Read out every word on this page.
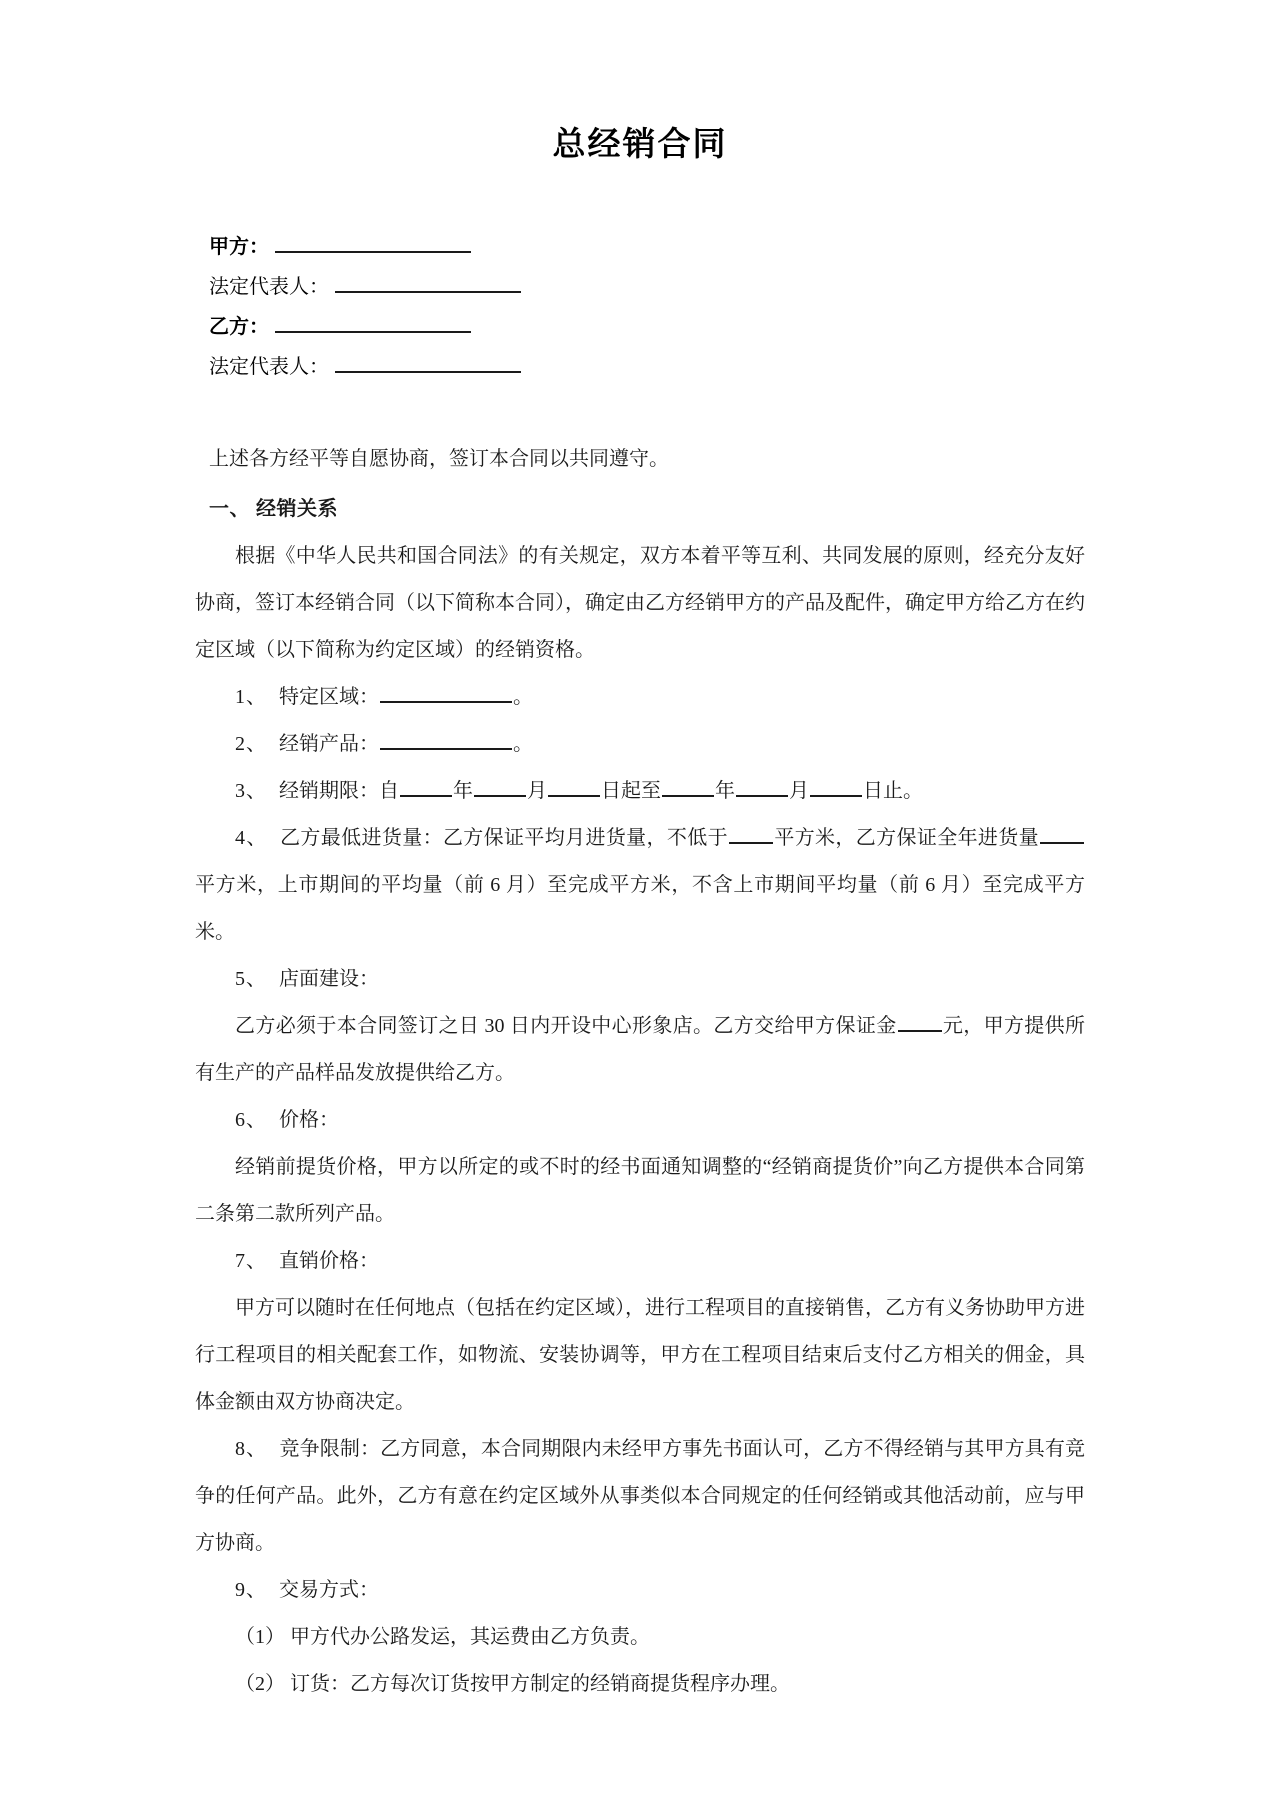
总经销合同
甲方：
法定代表人：
乙方：
法定代表人：

上述各方经平等自愿协商，签订本合同以共同遵守。

一、 经销关系

根据《中华人民共和国合同法》的有关规定，双方本着平等互利、共同发展的原则，经充分友好协商，签订本经销合同（以下简称本合同），确定由乙方经销甲方的产品及配件，确定甲方给乙方在约定区域（以下简称为约定区域）的经销资格。

1、 特定区域：	。

2、 经销产品：	。

3、 经销期限：自	年	月	日起至	年	月	日止。

4、 乙方最低进货量：乙方保证平均月进货量，不低于 平方米，乙方保证全年进货量平方米，上市期间的平均量（前 6 月）至完成平方米，不含上市期间平均量（前 6 月）至完成平方米。

5、 店面建设：

乙方必须于本合同签订之日 30 日内开设中心形象店。乙方交给甲方保证金 元，甲方提供所有生产的产品样品发放提供给乙方。

6、 价格：

经销前提货价格，甲方以所定的或不时的经书面通知调整的“经销商提货价”向乙方提供本合同第二条第二款所列产品。

7、 直销价格：

甲方可以随时在任何地点（包括在约定区域），进行工程项目的直接销售，乙方有义务协助甲方进行工程项目的相关配套工作，如物流、安装协调等，甲方在工程项目结束后支付乙方相关的佣金，具体金额由双方协商决定。

8、 竞争限制：乙方同意，本合同期限内未经甲方事先书面认可，乙方不得经销与其甲方具有竞争的任何产品。此外，乙方有意在约定区域外从事类似本合同规定的任何经销或其他活动前，应与甲方协商。

9、 交易方式：

（1） 甲方代办公路发运，其运费由乙方负责。

（2） 订货：乙方每次订货按甲方制定的经销商提货程序办理。
